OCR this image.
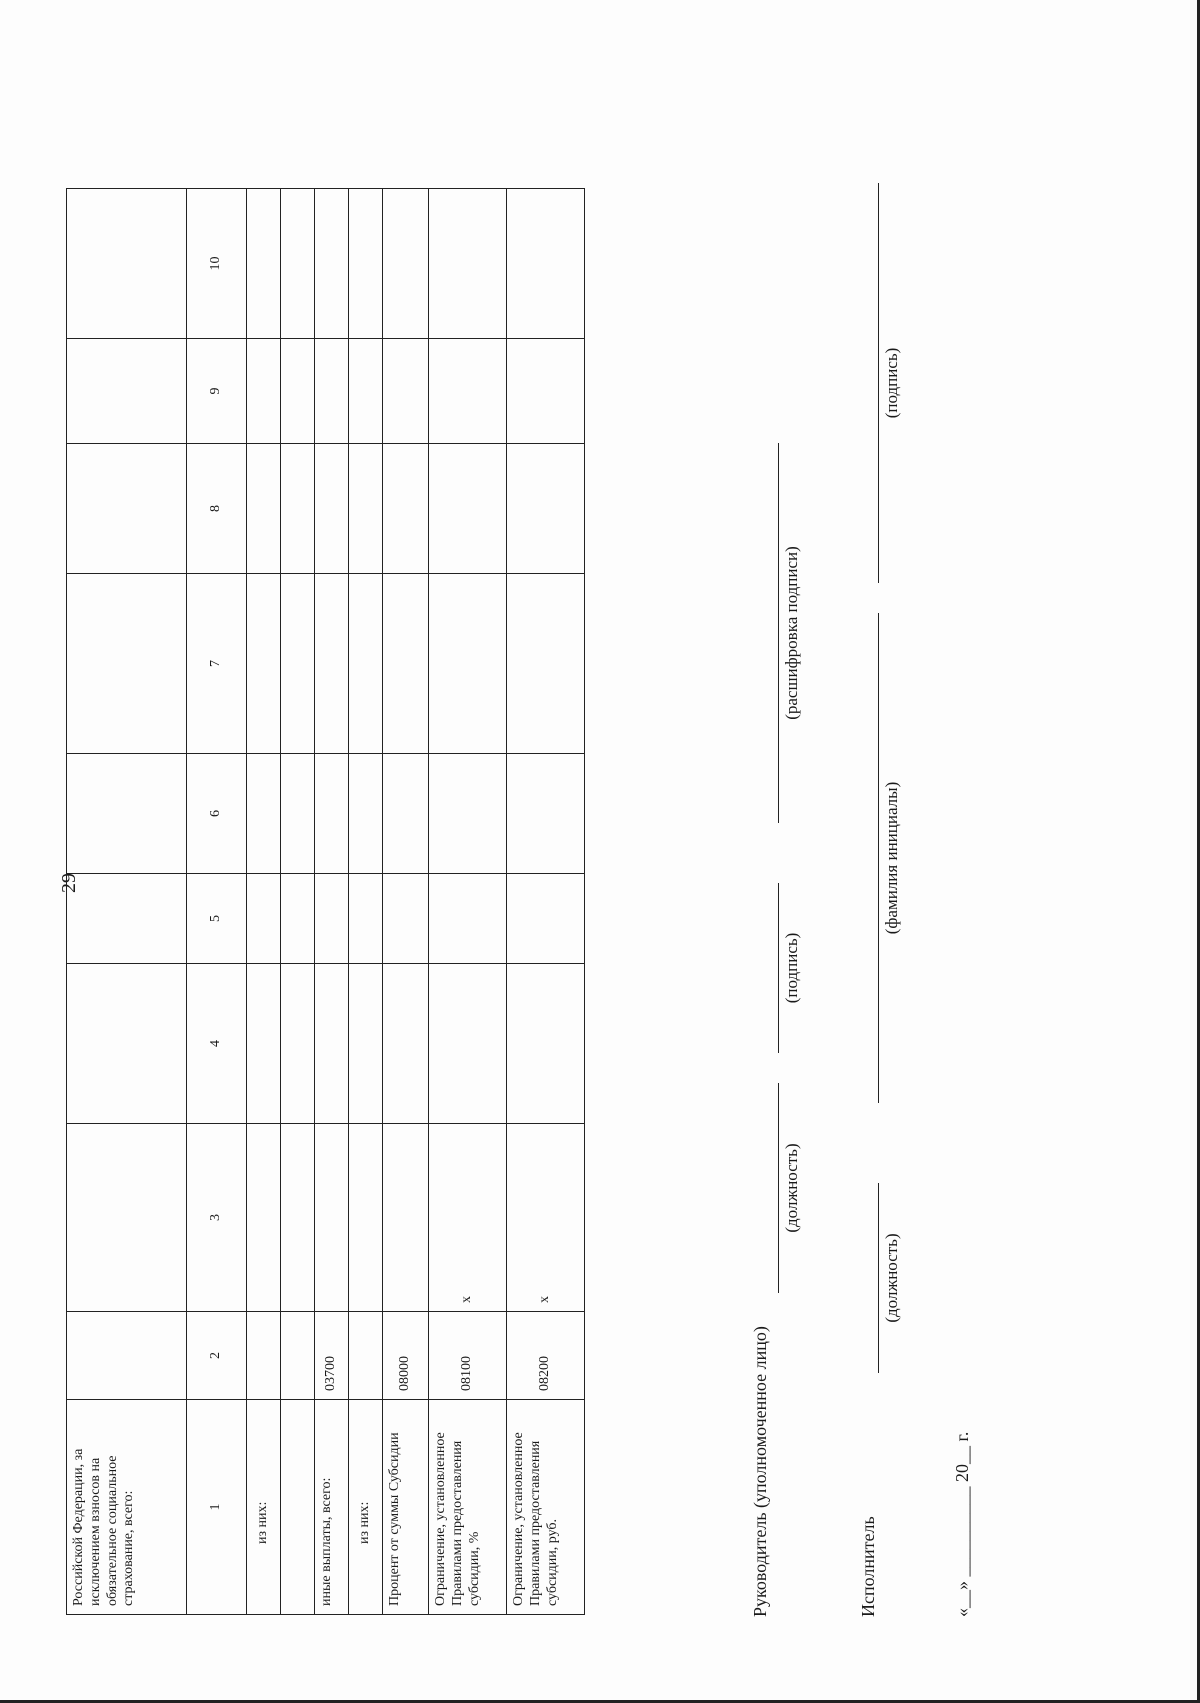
29
Российской Федерации, за исключением взносов на обязательное социальное страхование, всего:									
1	2	3	4	5	6	7	8	9	10
из них:									

иные выплаты, всего:	03700								
из них:									
Процент от суммы Субсидии	08000								
Ограничение, установленное Правилами предоставления субсидии, %	08100	x							
Ограничение, установленное Правилами предоставления субсидии, руб.	08200	x							
Руководитель (уполномоченное лицо)
(должность)
(подпись)
(расшифровка подписи)
Исполнитель
(должность)
(фамилия инициалы)
(подпись)
«__» __________ 20__ г.
